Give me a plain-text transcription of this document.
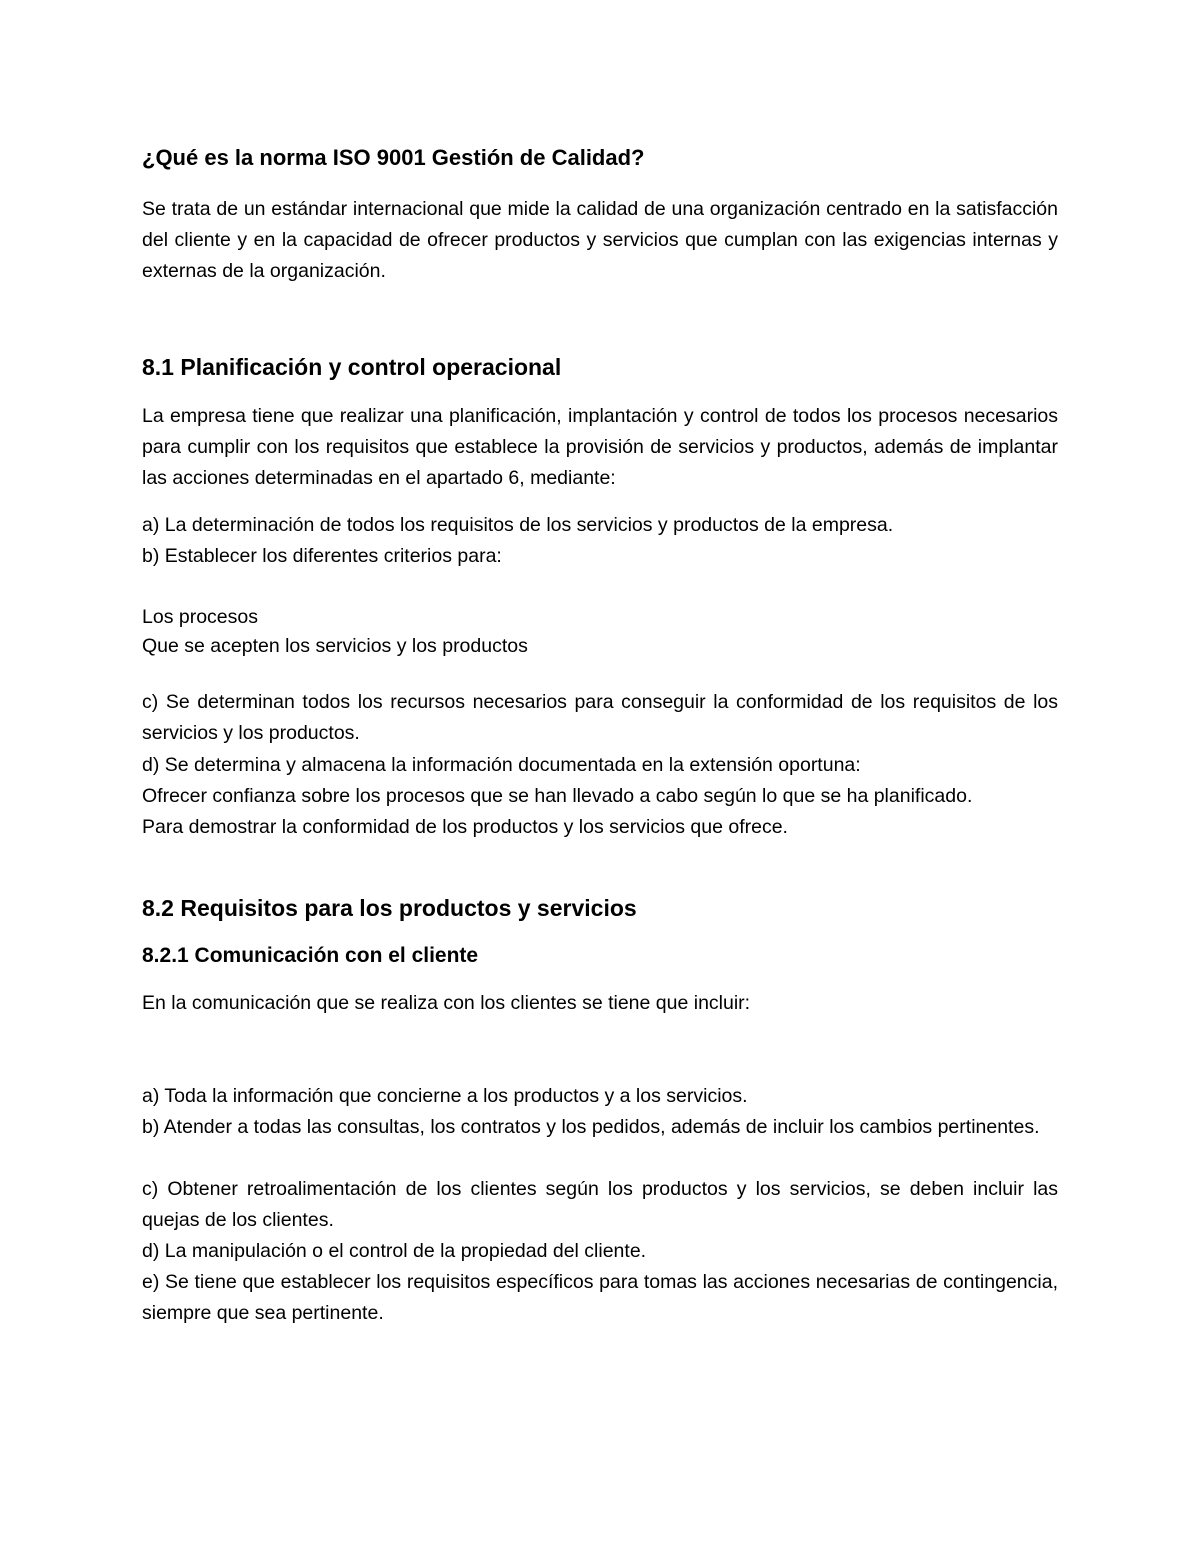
¿Qué es la norma ISO 9001 Gestión de Calidad?

Se trata de un estándar internacional que mide la calidad de una organización centrado en la satisfacción del cliente y en la capacidad de ofrecer productos y servicios que cumplan con las exigencias internas y externas de la organización.

8.1 Planificación y control operacional

La empresa tiene que realizar una planificación, implantación y control de todos los procesos necesarios para cumplir con los requisitos que establece la provisión de servicios y productos, además de implantar las acciones determinadas en el apartado 6, mediante:

a) La determinación de todos los requisitos de los servicios y productos de la empresa.

b) Establecer los diferentes criterios para:

Los procesos

Que se acepten los servicios y los productos

c) Se determinan todos los recursos necesarios para conseguir la conformidad de los requisitos de los servicios y los productos.

d) Se determina y almacena la información documentada en la extensión oportuna:

Ofrecer confianza sobre los procesos que se han llevado a cabo según lo que se ha planificado.

Para demostrar la conformidad de los productos y los servicios que ofrece.

8.2 Requisitos para los productos y servicios
8.2.1 Comunicación con el cliente

En la comunicación que se realiza con los clientes se tiene que incluir:

a) Toda la información que concierne a los productos y a los servicios.

b) Atender a todas las consultas, los contratos y los pedidos, además de incluir los cambios pertinentes.

c) Obtener retroalimentación de los clientes según los productos y los servicios, se deben incluir las quejas de los clientes.

d) La manipulación o el control de la propiedad del cliente.

e) Se tiene que establecer los requisitos específicos para tomas las acciones necesarias de contingencia, siempre que sea pertinente.
